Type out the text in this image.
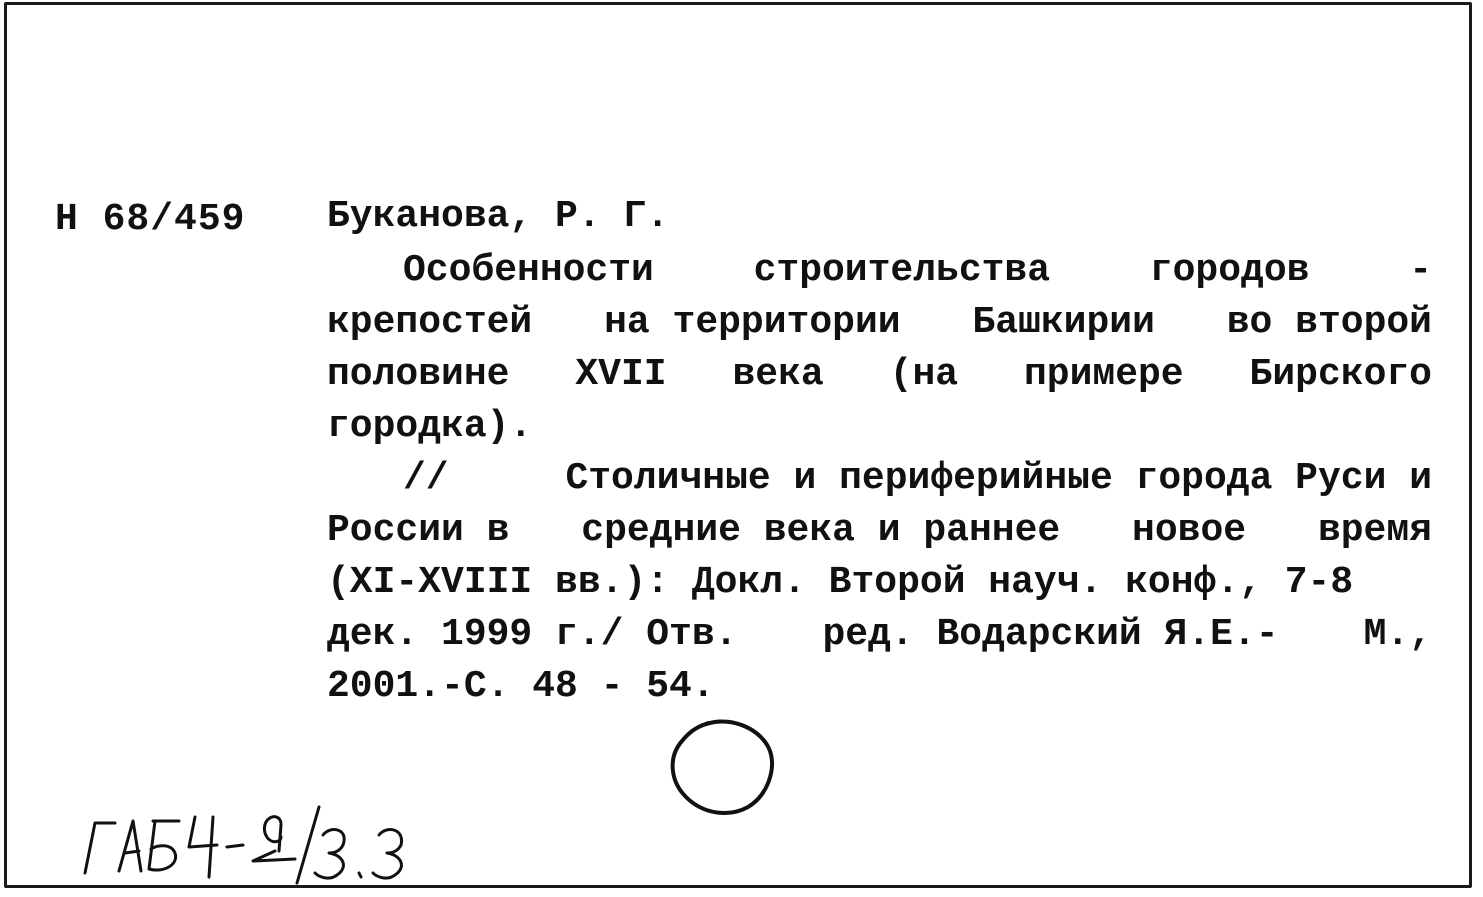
Н 68/459 Буканова, Р. Г.
Особенности	строительства	городов	-
крепостей на территории Башкирии во второй
половине XVII века (на примере Бирского
городка).
//	Столичные и периферийные города Руси и
России в средние века и раннее новое время
(XI-XVIII вв.): Докл. Второй науч. конф., 7-8
дек. 1999 г./ Отв. ред. Водарский Я.Е.- М.,
2001.-С. 48 - 54.
